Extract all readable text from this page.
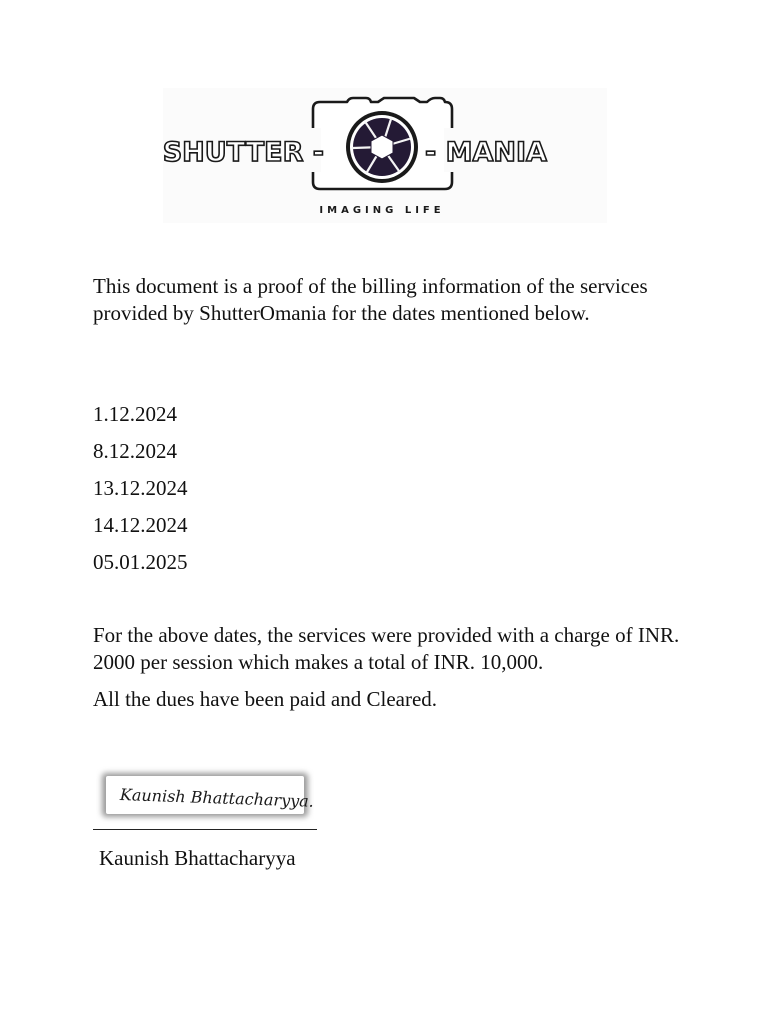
SHUTTER -	- MANIA
IMAGING LIFE

This document is a proof of the billing information of the services provided by ShutterOmania for the dates mentioned below.

1.12.2024
8.12.2024
13.12.2024
14.12.2024
05.01.2025

For the above dates, the services were provided with a charge of INR. 2000 per session which makes a total of INR. 10,000.

All the dues have been paid and Cleared.

Kaunish Bhattacharyya.

Kaunish Bhattacharyya
